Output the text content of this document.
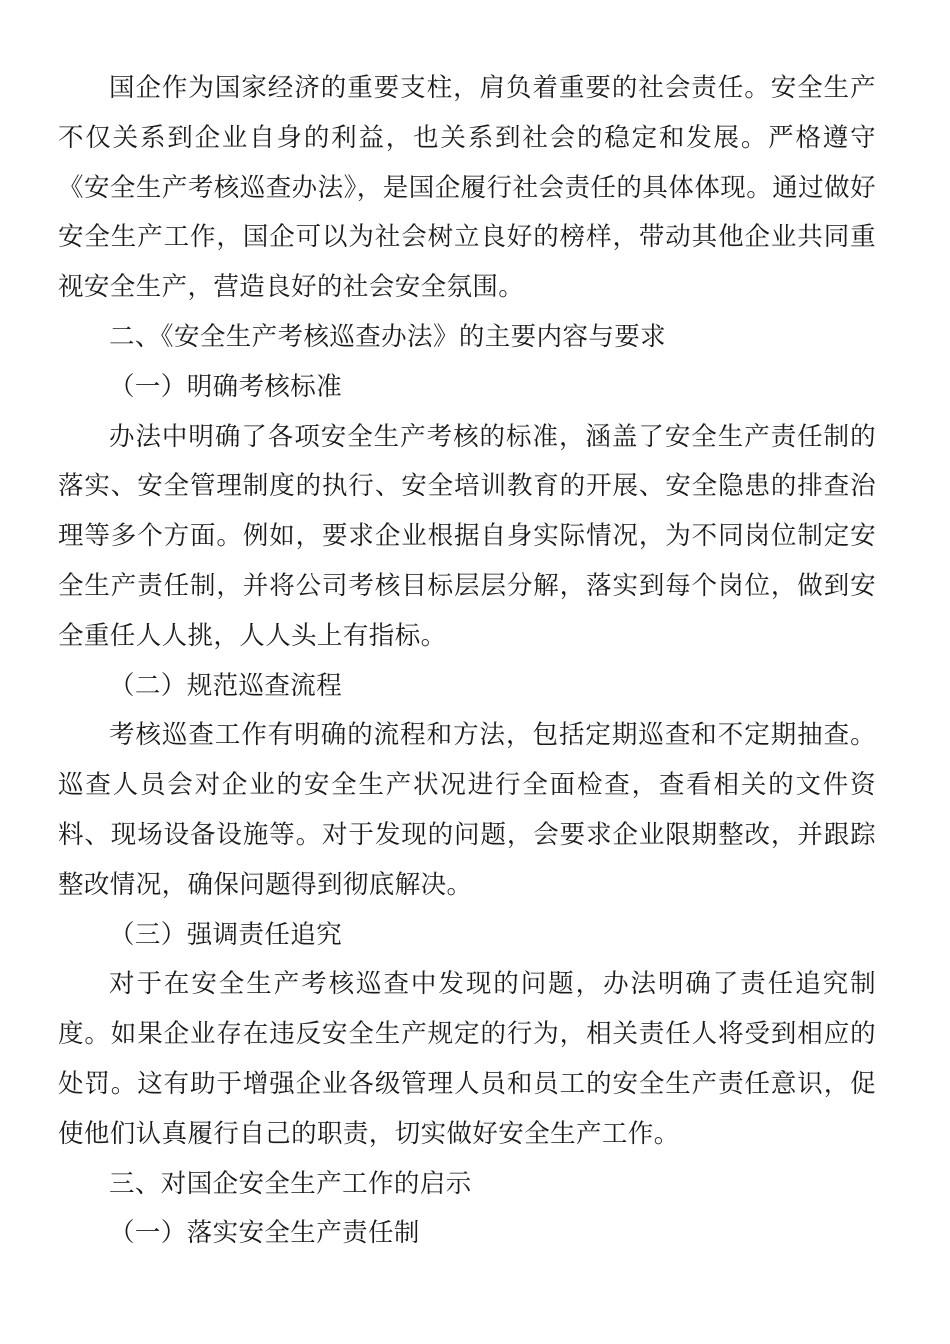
国企作为国家经济的重要支柱，肩负着重要的社会责任。安全生产不仅关系到企业自身的利益，也关系到社会的稳定和发展。严格遵守《安全生产考核巡查办法》，是国企履行社会责任的具体体现。通过做好安全生产工作，国企可以为社会树立良好的榜样，带动其他企业共同重视安全生产，营造良好的社会安全氛围。

二、《安全生产考核巡查办法》的主要内容与要求

（一）明确考核标准

办法中明确了各项安全生产考核的标准，涵盖了安全生产责任制的落实、安全管理制度的执行、安全培训教育的开展、安全隐患的排查治理等多个方面。例如，要求企业根据自身实际情况，为不同岗位制定安全生产责任制，并将公司考核目标层层分解，落实到每个岗位，做到安全重任人人挑，人人头上有指标。

（二）规范巡查流程

考核巡查工作有明确的流程和方法，包括定期巡查和不定期抽查。巡查人员会对企业的安全生产状况进行全面检查，查看相关的文件资料、现场设备设施等。对于发现的问题，会要求企业限期整改，并跟踪整改情况，确保问题得到彻底解决。

（三）强调责任追究

对于在安全生产考核巡查中发现的问题，办法明确了责任追究制度。如果企业存在违反安全生产规定的行为，相关责任人将受到相应的处罚。这有助于增强企业各级管理人员和员工的安全生产责任意识，促使他们认真履行自己的职责，切实做好安全生产工作。

三、对国企安全生产工作的启示

（一）落实安全生产责任制
